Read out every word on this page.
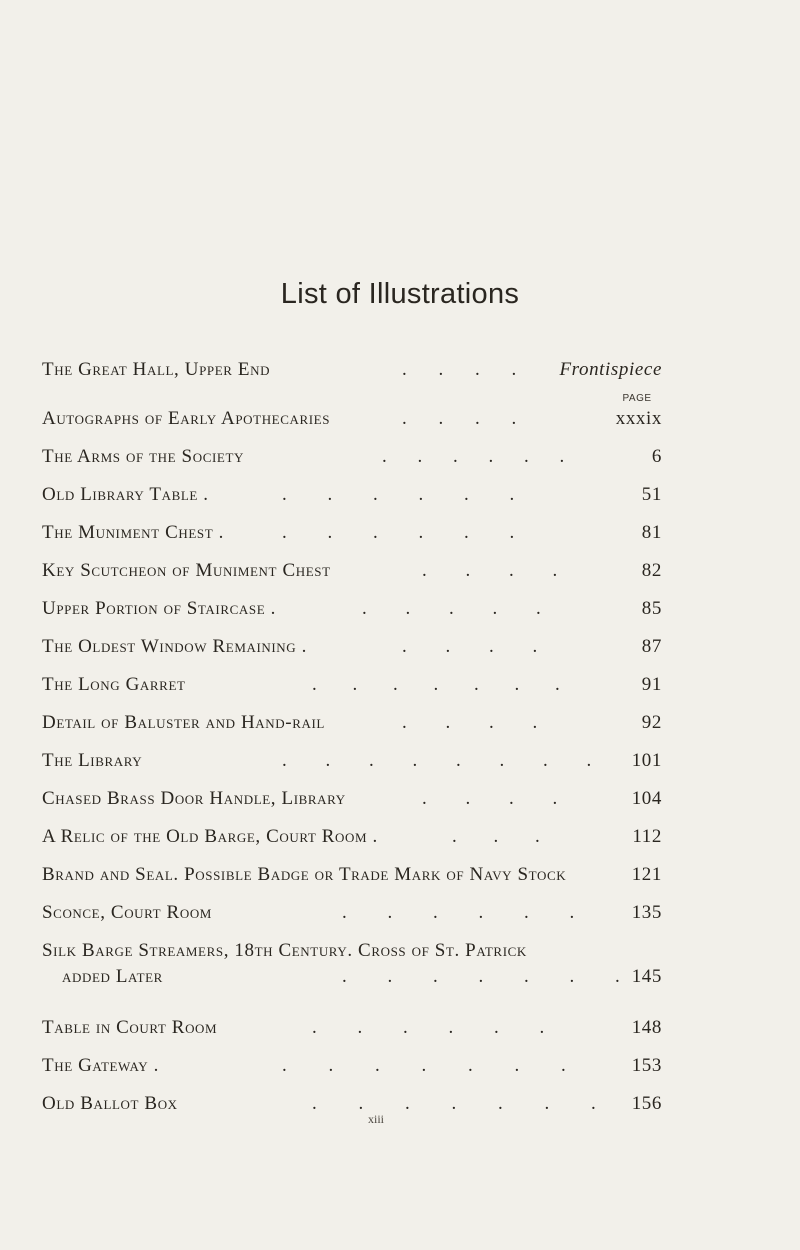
List of Illustrations
PAGE
The Great Hall, Upper End	. . . . Frontispiece
Autographs of Early Apothecaries	. . . .	xxxix
The Arms of the Society	. . . . . .	6
Old Library Table .	. . . . . .	51
The Muniment Chest .	. . . . . .	81
Key Scutcheon of Muniment Chest	. . . .	82
Upper Portion of Staircase .	. . . . .	85
The Oldest Window Remaining .	. . . .	87
The Long Garret	. . . . . . .	91
Detail of Baluster and Hand-rail	. . . .	92
The Library	. . . . . . . . 101
Chased Brass Door Handle, Library	. . . .	104
A Relic of the Old Barge, Court Room .	. . .	112
Brand and Seal. Possible Badge or Trade Mark of Navy Stock	121
Sconce, Court Room	. . . . . .	135
Silk Barge Streamers, 18th Century. Cross of St. Patrick
added Later	. . . . . . . 145
Table in Court Room	. . . . . .	148
The Gateway .	. . . . . . .	153
Old Ballot Box	. . . . . . . 156
xiii
